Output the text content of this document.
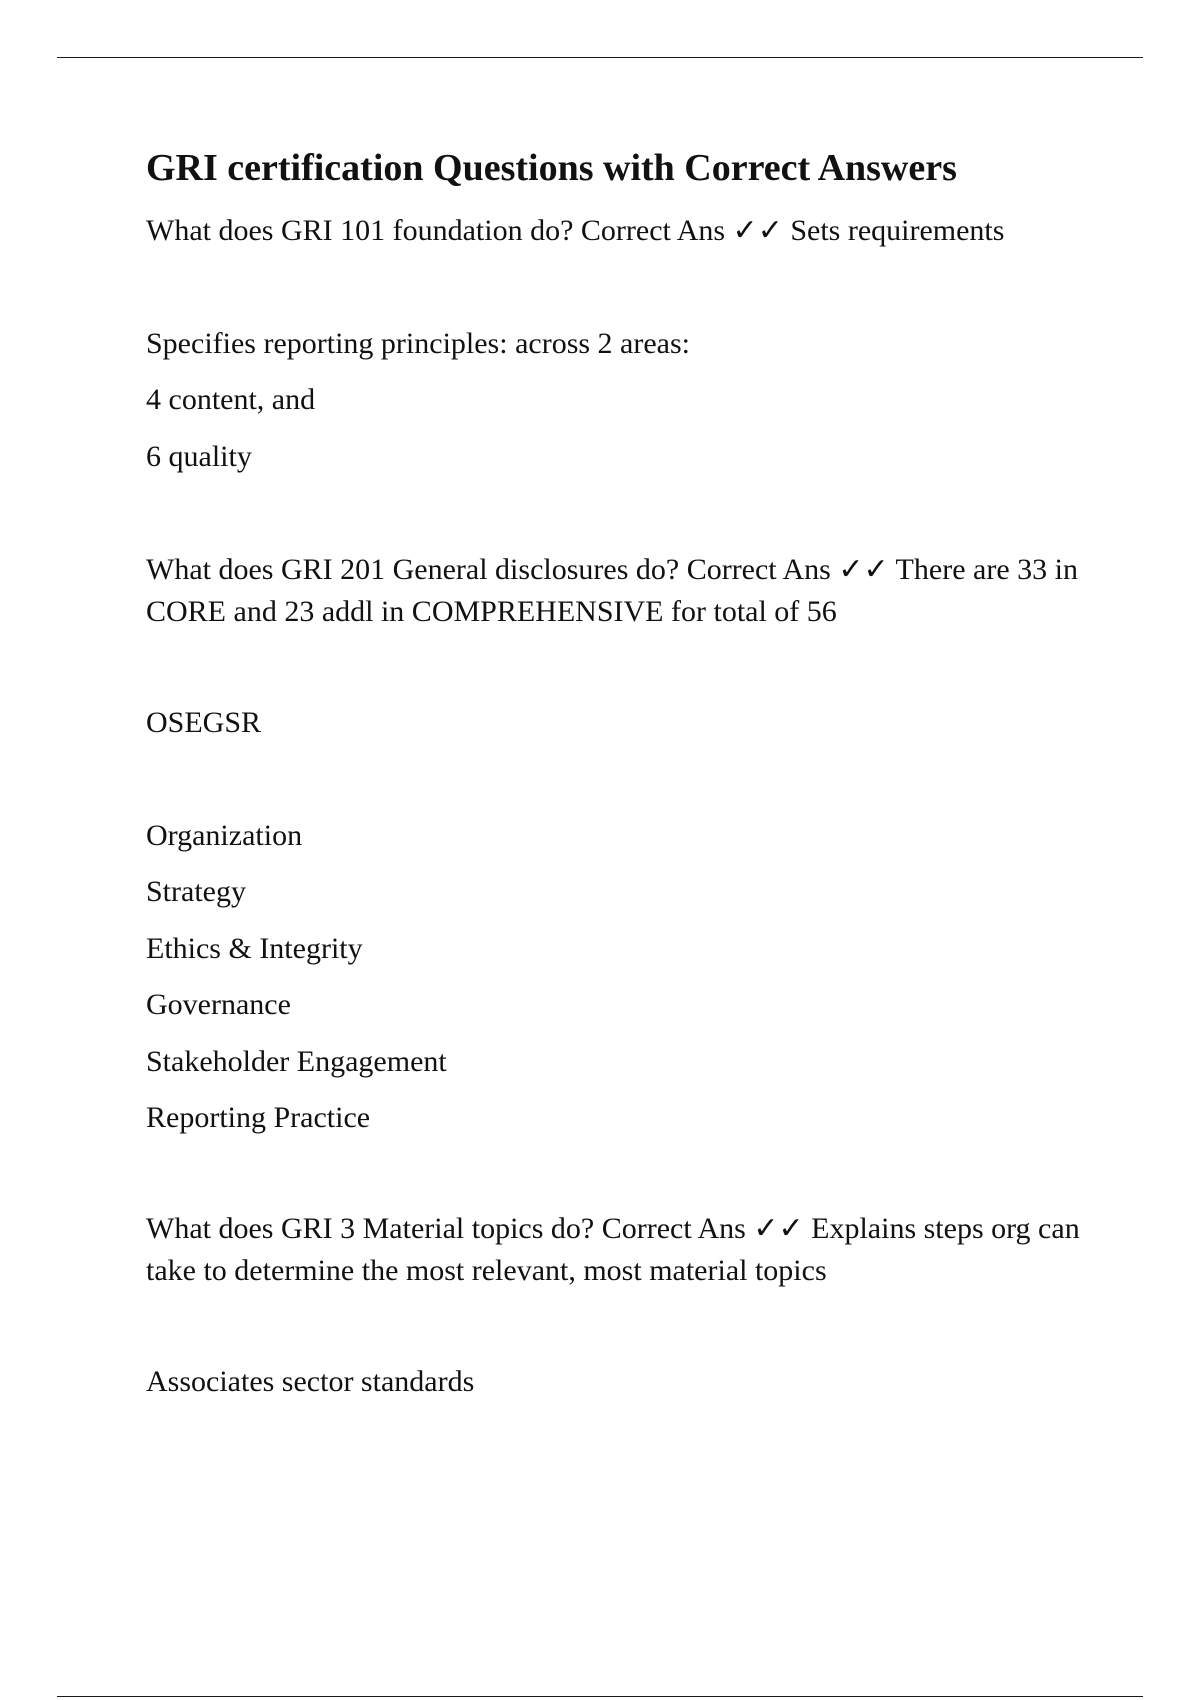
GRI certification Questions with Correct Answers

What does GRI 101 foundation do? Correct Ans ✓✓ Sets requirements

Specifies reporting principles: across 2 areas:

4 content, and

6 quality

What does GRI 201 General disclosures do? Correct Ans ✓✓ There are 33 in CORE and 23 addl in COMPREHENSIVE for total of 56

OSEGSR

Organization

Strategy

Ethics & Integrity

Governance

Stakeholder Engagement

Reporting Practice

What does GRI 3 Material topics do? Correct Ans ✓✓ Explains steps org can take to determine the most relevant, most material topics

Associates sector standards
